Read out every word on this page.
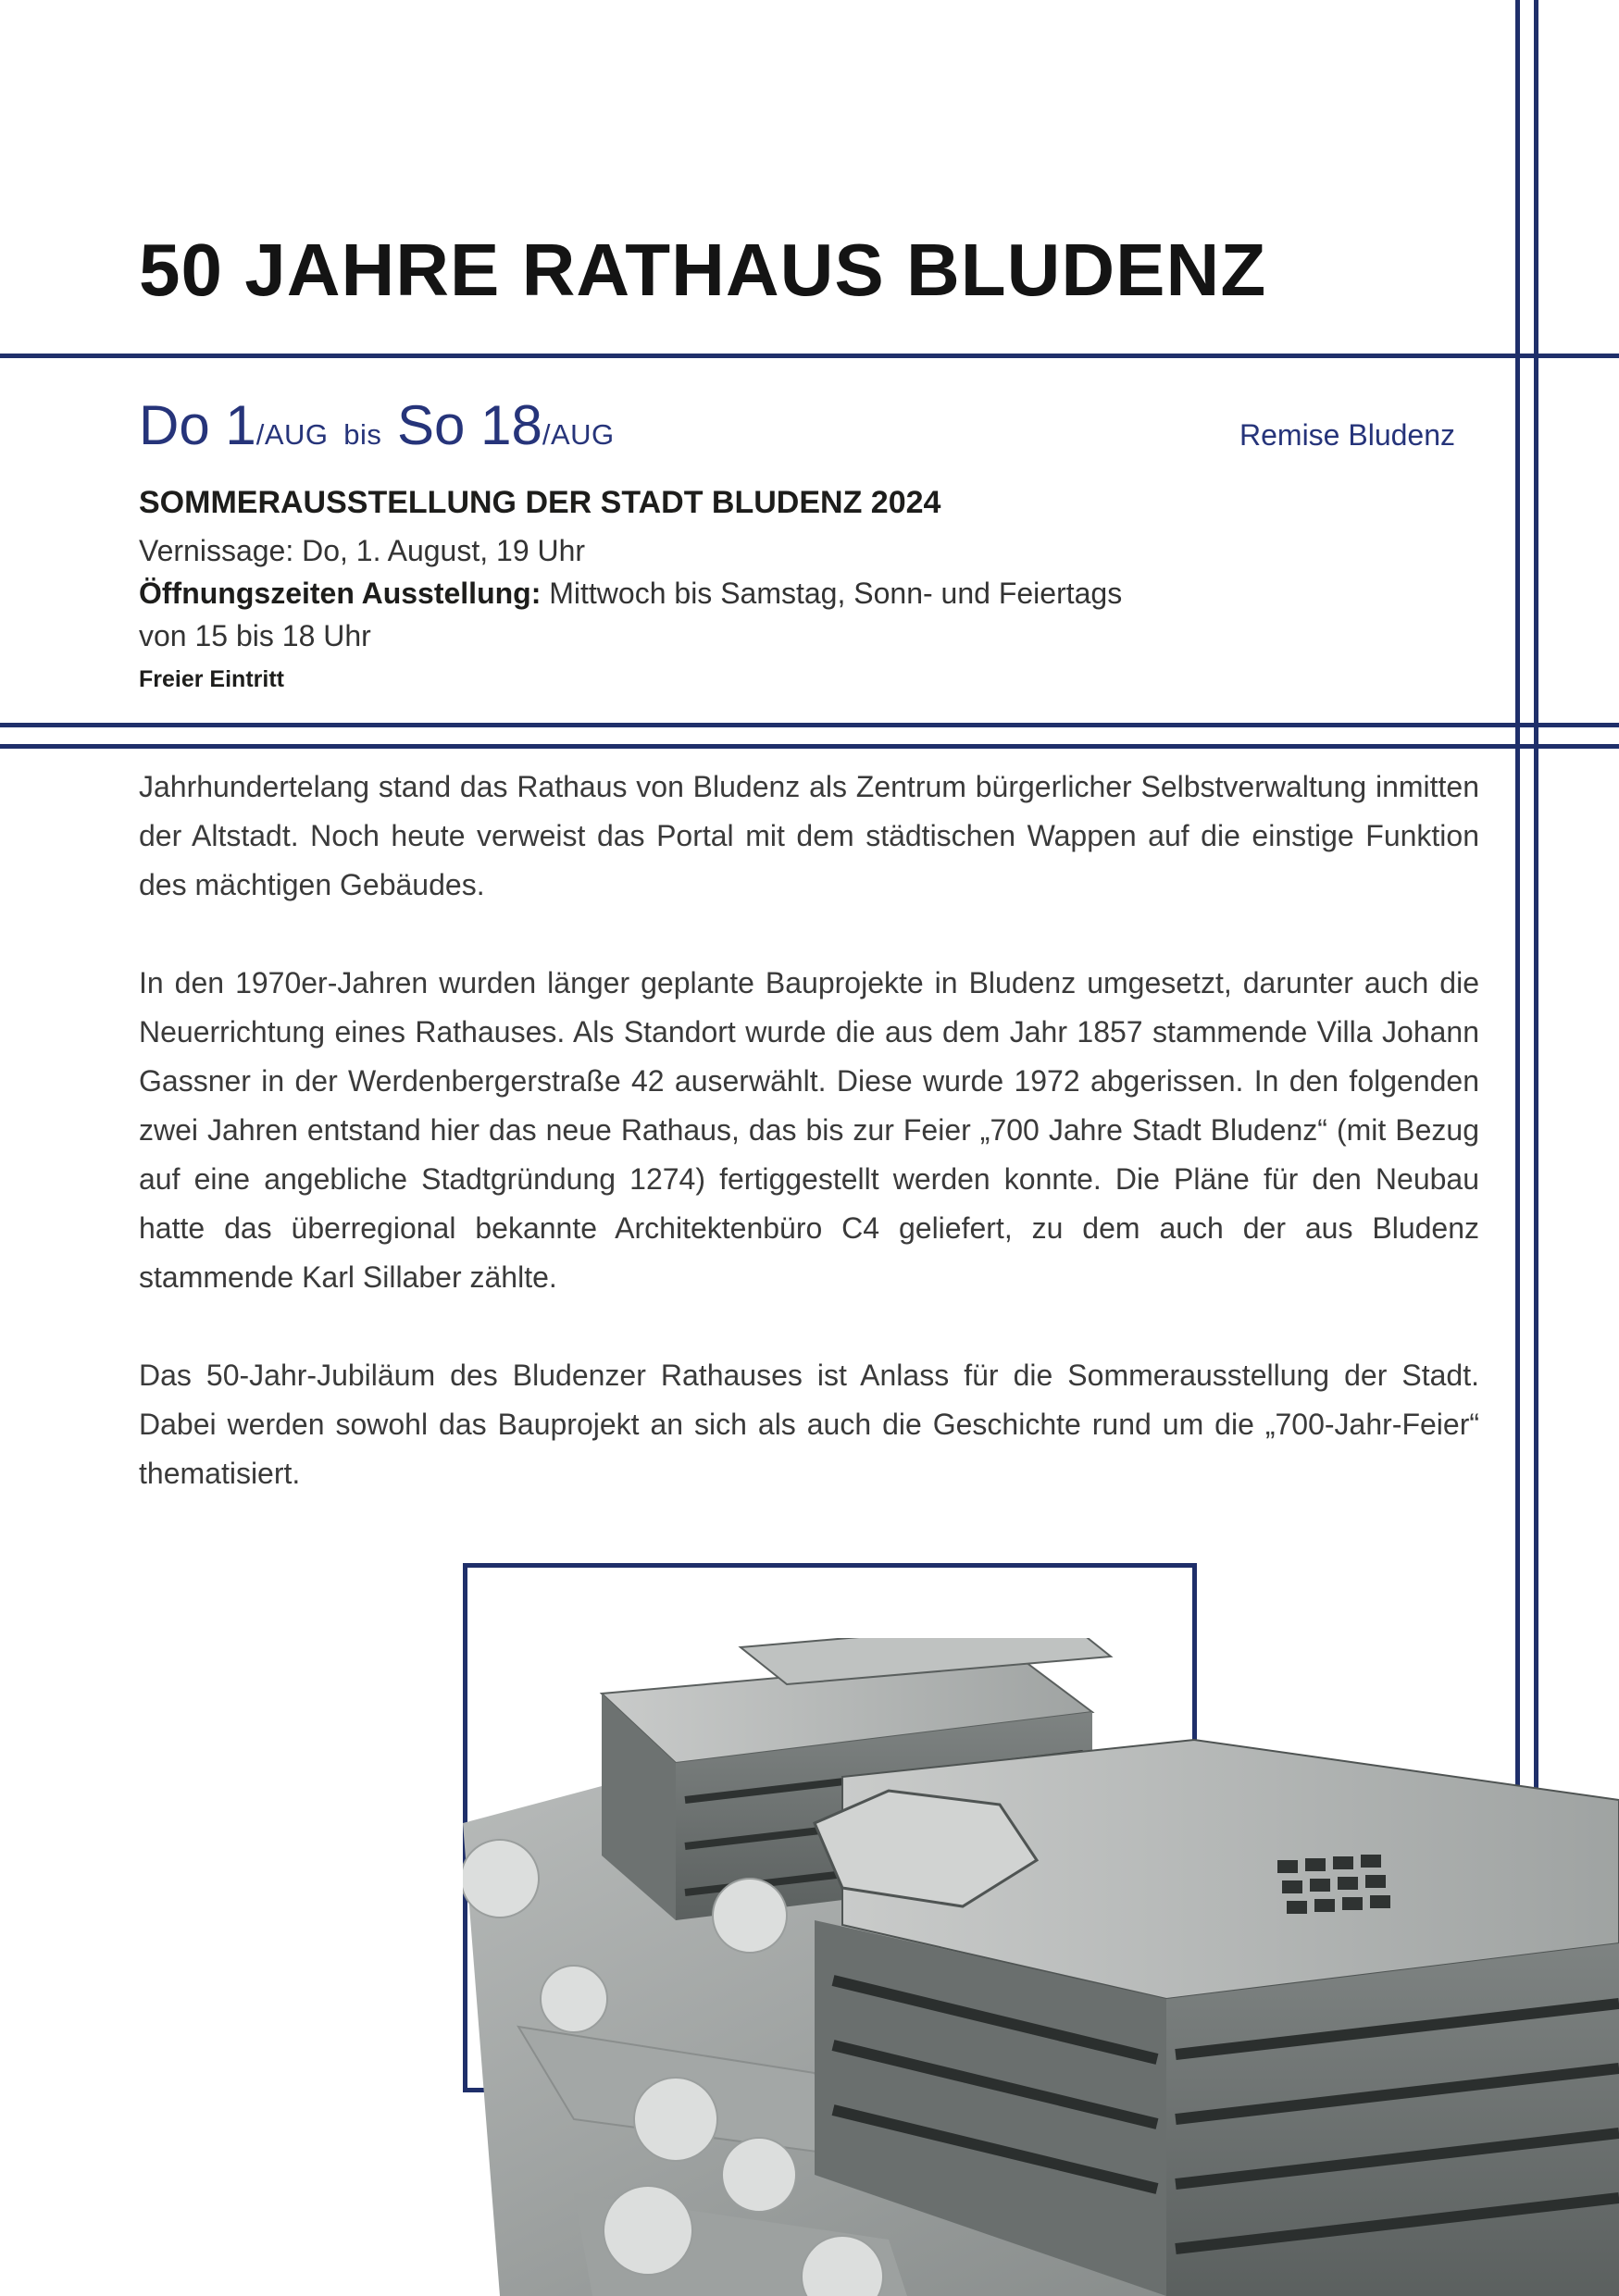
50 JAHRE RATHAUS BLUDENZ
Do 1/AUG bis So 18/AUG	Remise Bludenz
SOMMERAUSSTELLUNG DER STADT BLUDENZ 2024
Vernissage: Do, 1. August, 19 Uhr
Öffnungszeiten Ausstellung: Mittwoch bis Samstag, Sonn- und Feiertags von 15 bis 18 Uhr
Freier Eintritt

Jahrhundertelang stand das Rathaus von Bludenz als Zentrum bürgerlicher Selbstverwaltung inmitten der Altstadt. Noch heute verweist das Portal mit dem städtischen Wappen auf die einstige Funktion des mächtigen Gebäudes.

In den 1970er-Jahren wurden länger geplante Bauprojekte in Bludenz umgesetzt, darunter auch die Neuerrichtung eines Rathauses. Als Standort wurde die aus dem Jahr 1857 stammende Villa Johann Gassner in der Werdenbergerstraße 42 auserwählt. Diese wurde 1972 abgerissen. In den folgenden zwei Jahren entstand hier das neue Rathaus, das bis zur Feier „700 Jahre Stadt Bludenz“ (mit Bezug auf eine angebliche Stadtgründung 1274) fertiggestellt werden konnte. Die Pläne für den Neubau hatte das überregional bekannte Architektenbüro C4 geliefert, zu dem auch der aus Bludenz stammende Karl Sillaber zählte.

Das 50-Jahr-Jubiläum des Bludenzer Rathauses ist Anlass für die Sommerausstellung der Stadt. Dabei werden sowohl das Bauprojekt an sich als auch die Geschichte rund um die „700-Jahr-Feier“ thematisiert.
